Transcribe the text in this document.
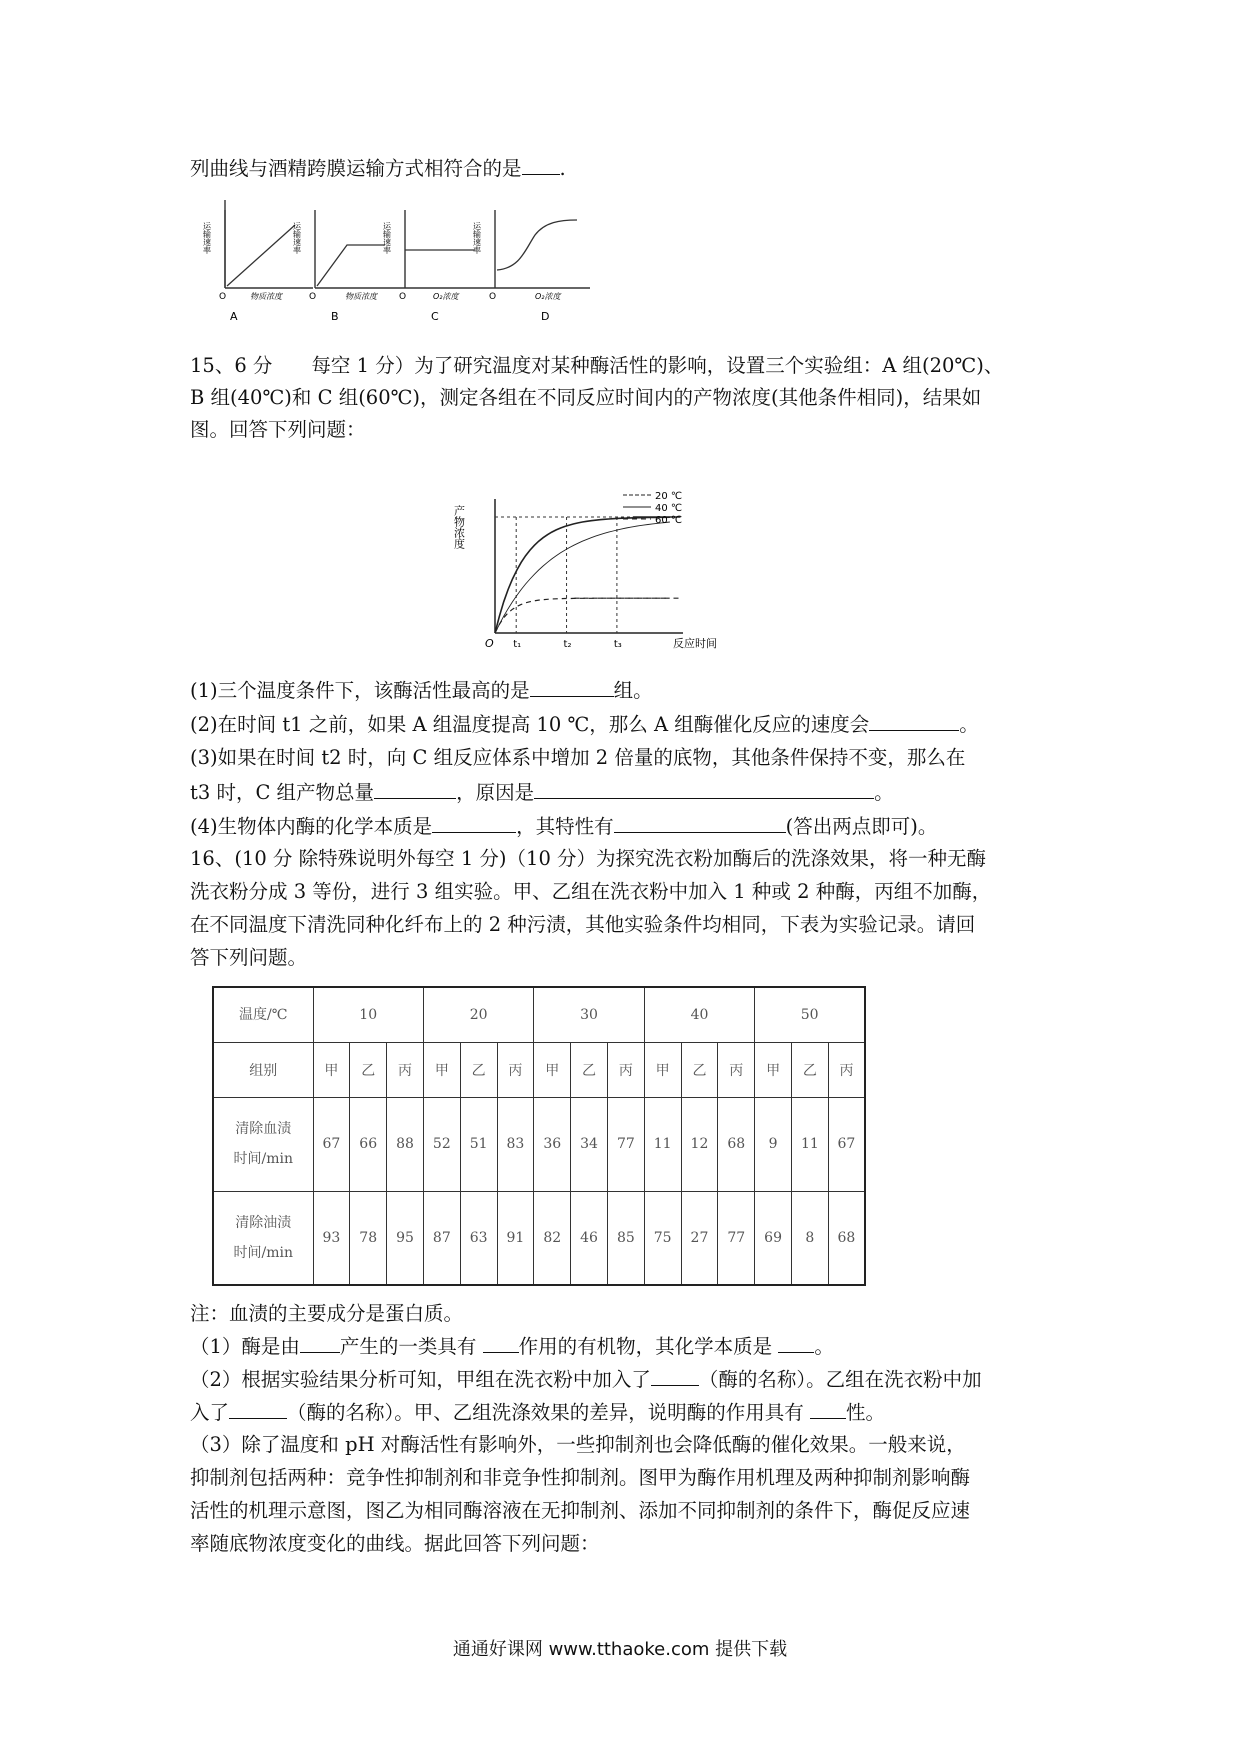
列曲线与酒精跨膜运输方式相符合的是 .
运输速率
O	物质浓度
A
运输速率
O	物质浓度
B
运输速率
O	O₂浓度
C
运输速率
O	O₂浓度
D
15、6 分　　每空 1 分）为了研究温度对某种酶活性的影响，设置三个实验组：A 组(20℃)、
B 组(40℃)和 C 组(60℃)，测定各组在不同反应时间内的产物浓度(其他条件相同)，结果如
图。回答下列问题：
产物浓度
O	反应时间
t₁	t₂	t₃
20 ℃
40 ℃
60 ℃
(1)三个温度条件下，该酶活性最高的是	组。
(2)在时间 t1 之前，如果 A 组温度提高 10 ℃，那么 A 组酶催化反应的速度会	。
(3)如果在时间 t2 时，向 C 组反应体系中增加 2 倍量的底物，其他条件保持不变，那么在
t3 时，C 组产物总量	，原因是	。
(4)生物体内酶的化学本质是	，其特性有	(答出两点即可)。
16、(10 分 除特殊说明外每空 1 分)（10 分）为探究洗衣粉加酶后的洗涤效果，将一种无酶
洗衣粉分成 3 等份，进行 3 组实验。甲、乙组在洗衣粉中加入 1 种或 2 种酶，丙组不加酶，
在不同温度下清洗同种化纤布上的 2 种污渍，其他实验条件均相同，下表为实验记录。请回
答下列问题。
温度/℃	10			20			30			40			50		
组别	甲	乙	丙	甲	乙	丙	甲	乙	丙	甲	乙	丙	甲	乙	丙

清除血渍
时间/min	67	66	88	52	51	83	36	34	77	11	12	68	9	11	67

清除油渍
时间/min	93	78	95	87	63	91	82	46	85	75	27	77	69	8	68
注：血渍的主要成分是蛋白质。
（1）酶是由 产生的一类具有 作用的有机物，其化学本质是 。
（2）根据实验结果分析可知，甲组在洗衣粉中加入了 （酶的名称）。乙组在洗衣粉中加
入了	（酶的名称）。甲、乙组洗涤效果的差异，说明酶的作用具有 性。
（3）除了温度和 pH 对酶活性有影响外，一些抑制剂也会降低酶的催化效果。一般来说，
抑制剂包括两种：竞争性抑制剂和非竞争性抑制剂。图甲为酶作用机理及两种抑制剂影响酶
活性的机理示意图，图乙为相同酶溶液在无抑制剂、添加不同抑制剂的条件下，酶促反应速
率随底物浓度变化的曲线。据此回答下列问题：
通通好课网 www.tthaoke.com 提供下载
